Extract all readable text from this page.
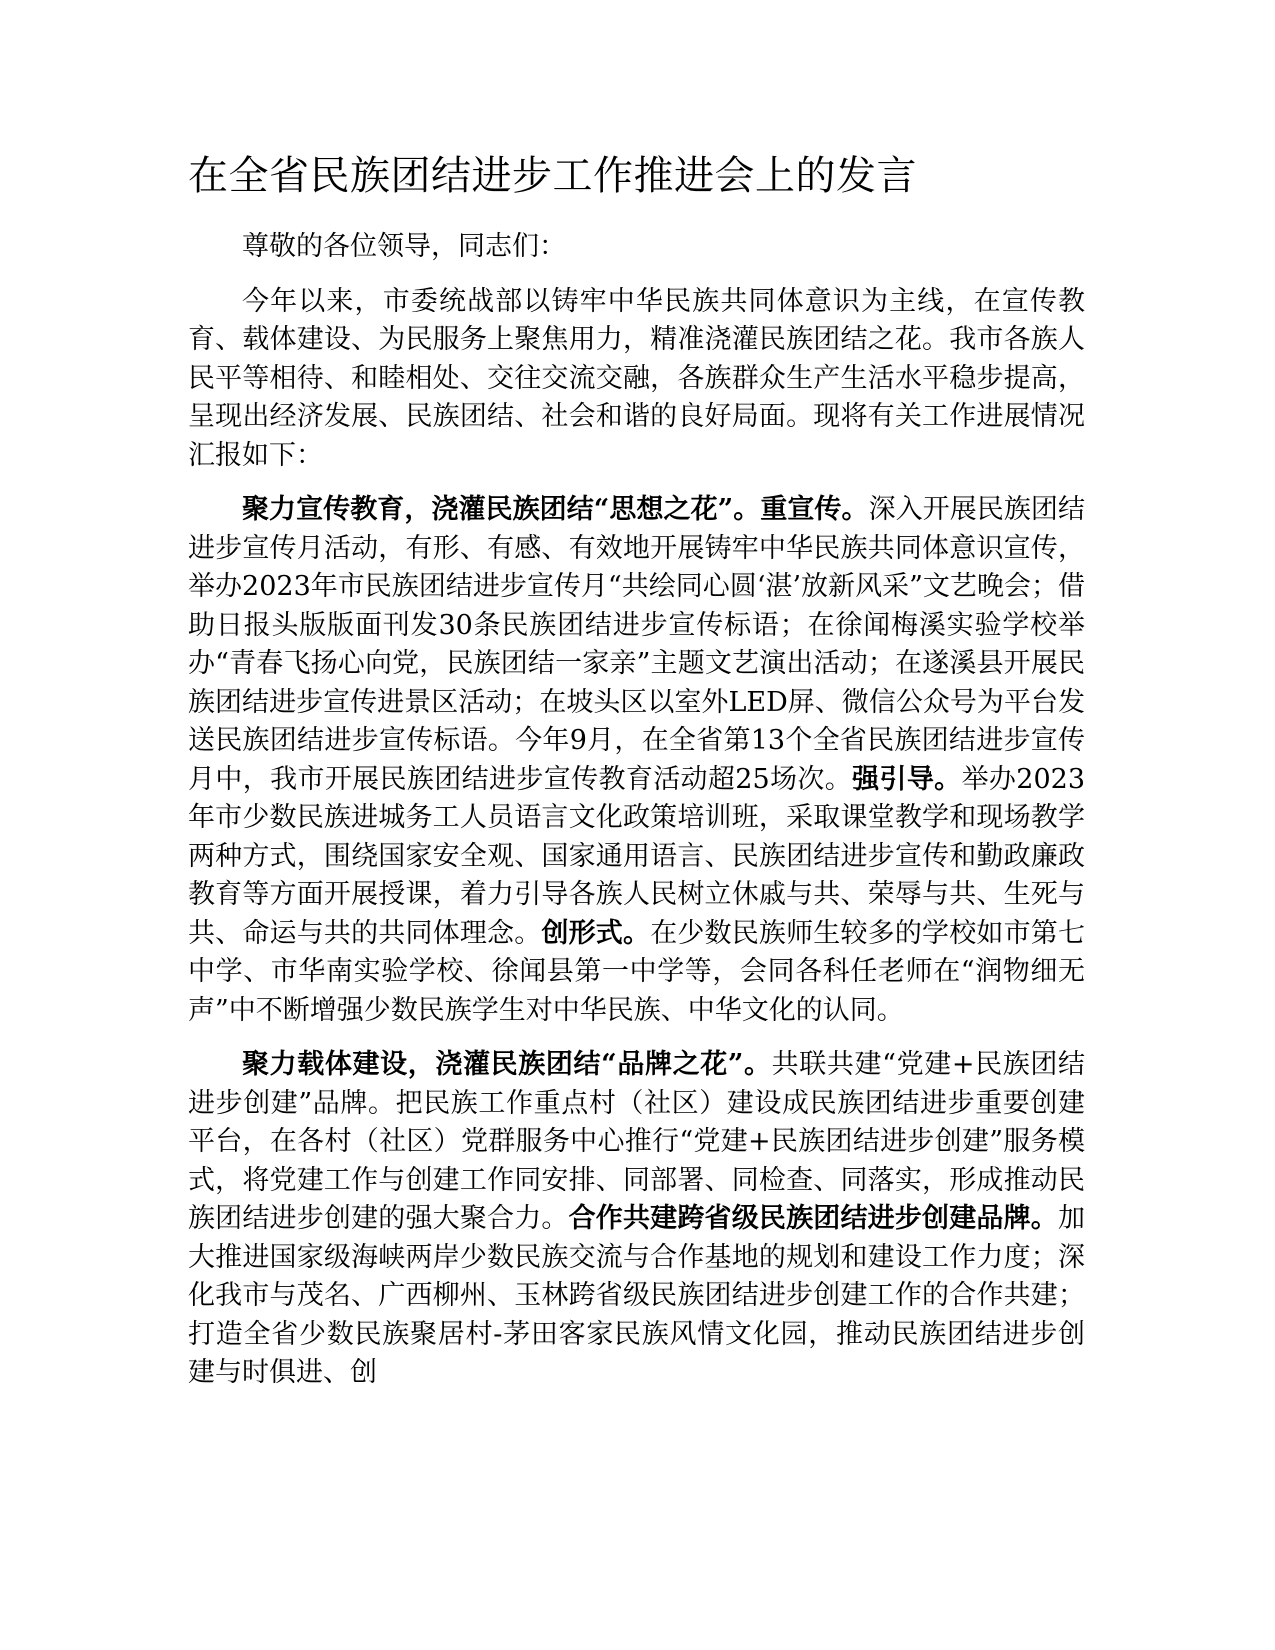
在全省民族团结进步工作推进会上的发言

尊敬的各位领导，同志们：

今年以来，市委统战部以铸牢中华民族共同体意识为主线，在宣传教育、载体建设、为民服务上聚焦用力，精准浇灌民族团结之花。我市各族人民平等相待、和睦相处、交往交流交融，各族群众生产生活水平稳步提高，呈现出经济发展、民族团结、社会和谐的良好局面。现将有关工作进展情况汇报如下：

聚力宣传教育，浇灌民族团结“思想之花”。重宣传。深入开展民族团结进步宣传月活动，有形、有感、有效地开展铸牢中华民族共同体意识宣传，举办2023年市民族团结进步宣传月“共绘同心圆‘湛’放新风采”文艺晚会；借助日报头版版面刊发30条民族团结进步宣传标语；在徐闻梅溪实验学校举办“青春飞扬心向党，民族团结一家亲”主题文艺演出活动；在遂溪县开展民族团结进步宣传进景区活动；在坡头区以室外LED屏、微信公众号为平台发送民族团结进步宣传标语。今年9月，在全省第13个全省民族团结进步宣传月中，我市开展民族团结进步宣传教育活动超25场次。强引导。举办2023年市少数民族进城务工人员语言文化政策培训班，采取课堂教学和现场教学两种方式，围绕国家安全观、国家通用语言、民族团结进步宣传和勤政廉政教育等方面开展授课，着力引导各族人民树立休戚与共、荣辱与共、生死与共、命运与共的共同体理念。创形式。在少数民族师生较多的学校如市第七中学、市华南实验学校、徐闻县第一中学等，会同各科任老师在“润物细无声”中不断增强少数民族学生对中华民族、中华文化的认同。

聚力载体建设，浇灌民族团结“品牌之花”。共联共建“党建+民族团结进步创建”品牌。把民族工作重点村（社区）建设成民族团结进步重要创建平台，在各村（社区）党群服务中心推行“党建+民族团结进步创建”服务模式，将党建工作与创建工作同安排、同部署、同检查、同落实，形成推动民族团结进步创建的强大聚合力。合作共建跨省级民族团结进步创建品牌。加大推进国家级海峡两岸少数民族交流与合作基地的规划和建设工作力度；深化我市与茂名、广西柳州、玉林跨省级民族团结进步创建工作的合作共建；打造全省少数民族聚居村-茅田客家民族风情文化园，推动民族团结进步创建与时俱进、创
